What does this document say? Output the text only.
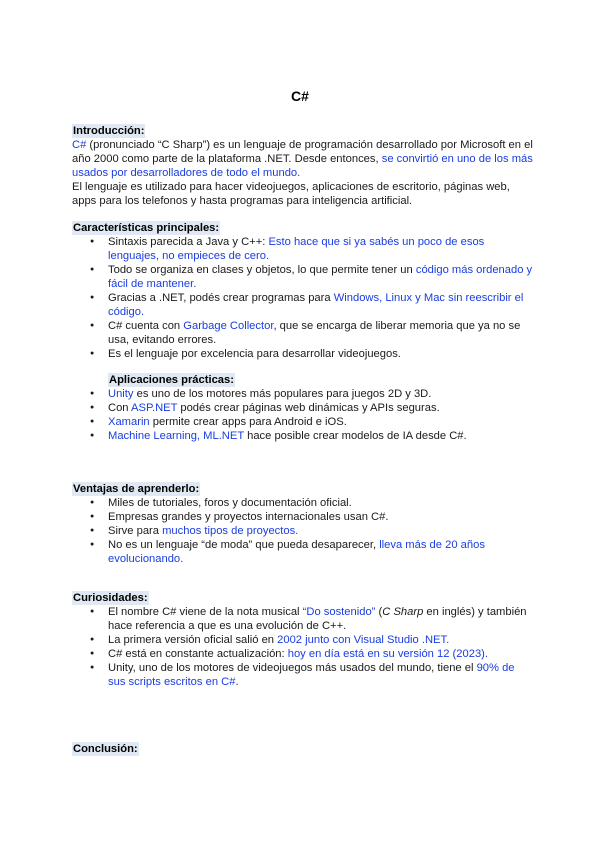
C#
Introducción:

C# (pronunciado “C Sharp”) es un lenguaje de programación desarrollado por Microsoft en el año 2000 como parte de la plataforma .NET. Desde entonces, se convirtió en uno de los más usados por desarrolladores de todo el mundo.

El lenguaje es utilizado para hacer videojuegos, aplicaciones de escritorio, páginas web, apps para los telefonos y hasta programas para inteligencia artificial.

Características principales:
● Sintaxis parecida a Java y C++: Esto hace que si ya sabés un poco de esos lenguajes, no empieces de cero.
● Todo se organiza en clases y objetos, lo que permite tener un código más ordenado y fácil de mantener.
● Gracias a .NET, podés crear programas para Windows, Linux y Mac sin reescribir el código.
● C# cuenta con Garbage Collector, que se encarga de liberar memoria que ya no se usa, evitando errores.
● Es el lenguaje por excelencia para desarrollar videojuegos.
Aplicaciones prácticas:
● Unity es uno de los motores más populares para juegos 2D y 3D.
● Con ASP.NET podés crear páginas web dinámicas y APIs seguras.
● Xamarin permite crear apps para Android e iOS.
● Machine Learning, ML.NET hace posible crear modelos de IA desde C#.
Ventajas de aprenderlo:
● Miles de tutoriales, foros y documentación oficial.
● Empresas grandes y proyectos internacionales usan C#.
● Sirve para muchos tipos de proyectos.
● No es un lenguaje “de moda” que pueda desaparecer, lleva más de 20 años evolucionando.
Curiosidades:
● El nombre C# viene de la nota musical “Do sostenido” (C Sharp en inglés) y también hace referencia a que es una evolución de C++.
● La primera versión oficial salió en 2002 junto con Visual Studio .NET.
● C# está en constante actualización: hoy en día está en su versión 12 (2023).
● Unity, uno de los motores de videojuegos más usados del mundo, tiene el 90% de sus scripts escritos en C#.
Conclusión:
